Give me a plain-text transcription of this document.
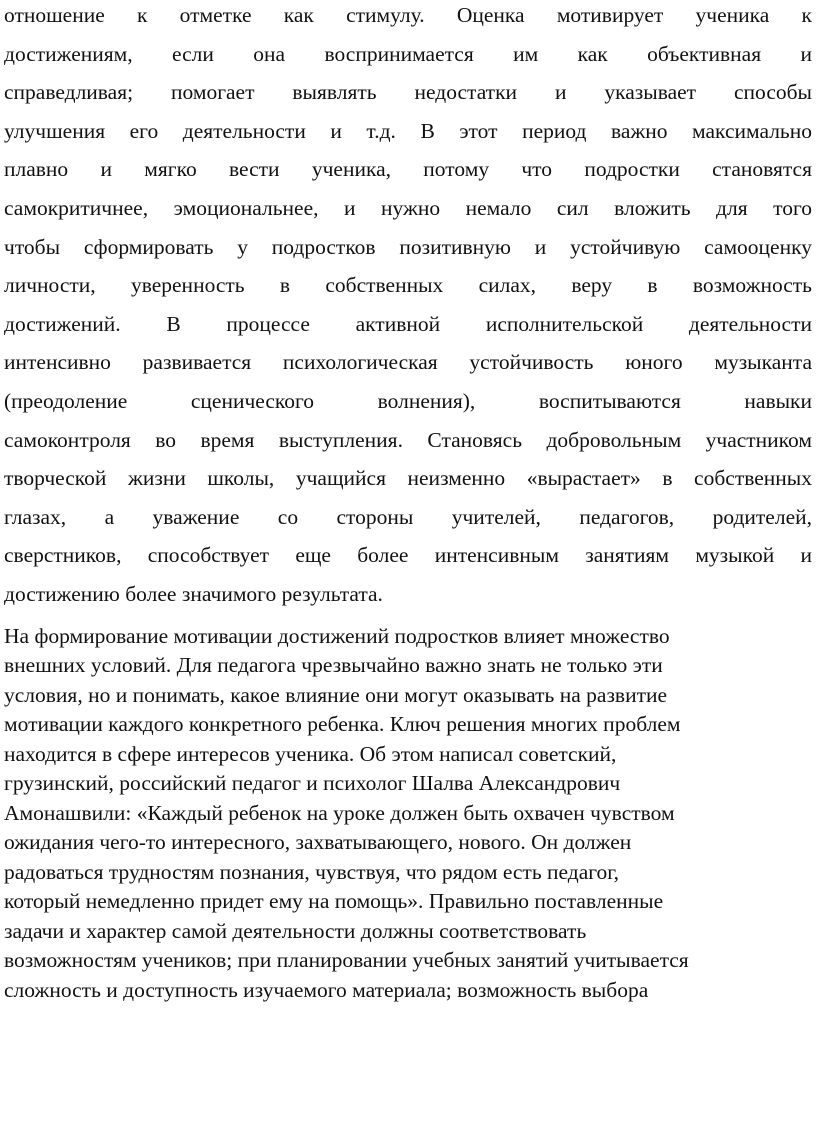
отношение к отметке как стимулу. Оценка мотивирует ученика к
достижениям, если она воспринимается им как объективная и
справедливая; помогает выявлять недостатки и указывает способы
улучшения его деятельности и т.д. В этот период важно максимально
плавно и мягко вести ученика, потому что подростки становятся
самокритичнее, эмоциональнее, и нужно немало сил вложить для того
чтобы сформировать у подростков позитивную и устойчивую самооценку
личности, уверенность в собственных силах, веру в возможность
достижений. В процессе активной исполнительской деятельности
интенсивно развивается психологическая устойчивость юного музыканта
(преодоление сценического волнения), воспитываются навыки
самоконтроля во время выступления. Становясь добровольным участником
творческой жизни школы, учащийся неизменно «вырастает» в собственных
глазах, а уважение со стороны учителей, педагогов, родителей,
сверстников, способствует еще более интенсивным занятиям музыкой и
достижению более значимого результата.

На формирование мотивации достижений подростков влияет множество
внешних условий. Для педагога чрезвычайно важно знать не только эти
условия, но и понимать, какое влияние они могут оказывать на развитие
мотивации каждого конкретного ребенка. Ключ решения многих проблем
находится в сфере интересов ученика. Об этом написал советский,
грузинский, российский педагог и психолог Шалва Александрович
Амонашвили: «Каждый ребенок на уроке должен быть охвачен чувством
ожидания чего-то интересного, захватывающего, нового. Он должен
радоваться трудностям познания, чувствуя, что рядом есть педагог,
который немедленно придет ему на помощь». Правильно поставленные
задачи и характер самой деятельности должны соответствовать
возможностям учеников; при планировании учебных занятий учитывается
сложность и доступность изучаемого материала; возможность выбора
